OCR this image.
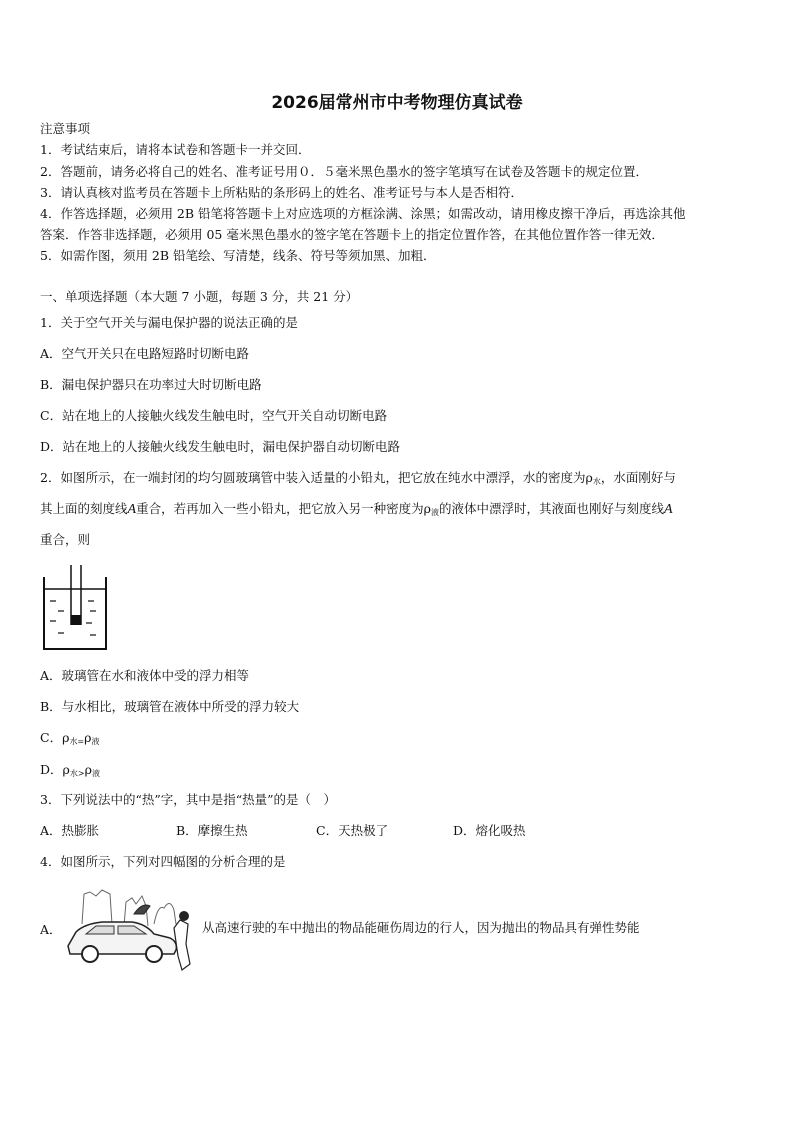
2026届常州市中考物理仿真试卷
注意事项
1．考试结束后，请将本试卷和答题卡一并交回．
2．答题前，请务必将自己的姓名、准考证号用０．５毫米黑色墨水的签字笔填写在试卷及答题卡的规定位置．
3．请认真核对监考员在答题卡上所粘贴的条形码上的姓名、准考证号与本人是否相符．
4．作答选择题，必须用 2B 铅笔将答题卡上对应选项的方框涂满、涂黑；如需改动，请用橡皮擦干净后，再选涂其他
答案．作答非选择题，必须用 05 毫米黑色墨水的签字笔在答题卡上的指定位置作答，在其他位置作答一律无效．
5．如需作图，须用 2B 铅笔绘、写清楚，线条、符号等须加黑、加粗．
一、单项选择题（本大题 7 小题，每题 3 分，共 21 分）
1．关于空气开关与漏电保护器的说法正确的是
A．空气开关只在电路短路时切断电路
B．漏电保护器只在功率过大时切断电路
C．站在地上的人接触火线发生触电时，空气开关自动切断电路
D．站在地上的人接触火线发生触电时，漏电保护器自动切断电路
2．如图所示，在一端封闭的均匀圆玻璃管中装入适量的小铅丸，把它放在纯水中漂浮，水的密度为$\rho_水$，水面刚好与
其上面的刻度线A重合，若再加入一些小铅丸，把它放入另一种密度为$\rho_液$的液体中漂浮时，其液面也刚好与刻度线A
重合，则
A．玻璃管在水和液体中受的浮力相等
B．与水相比，玻璃管在液体中所受的浮力较大
C．$\rho_{水=}\rho_液$
D．$\rho_{水>}\rho_液$
3．下列说法中的“热”字，其中是指“热量”的是（　）
A．热膨胀	B．摩擦生热	C．天热极了	D．熔化吸热
4．如图所示，下列对四幅图的分析合理的是
A．	从高速行驶的车中抛出的物品能砸伤周边的行人，因为抛出的物品具有弹性势能
